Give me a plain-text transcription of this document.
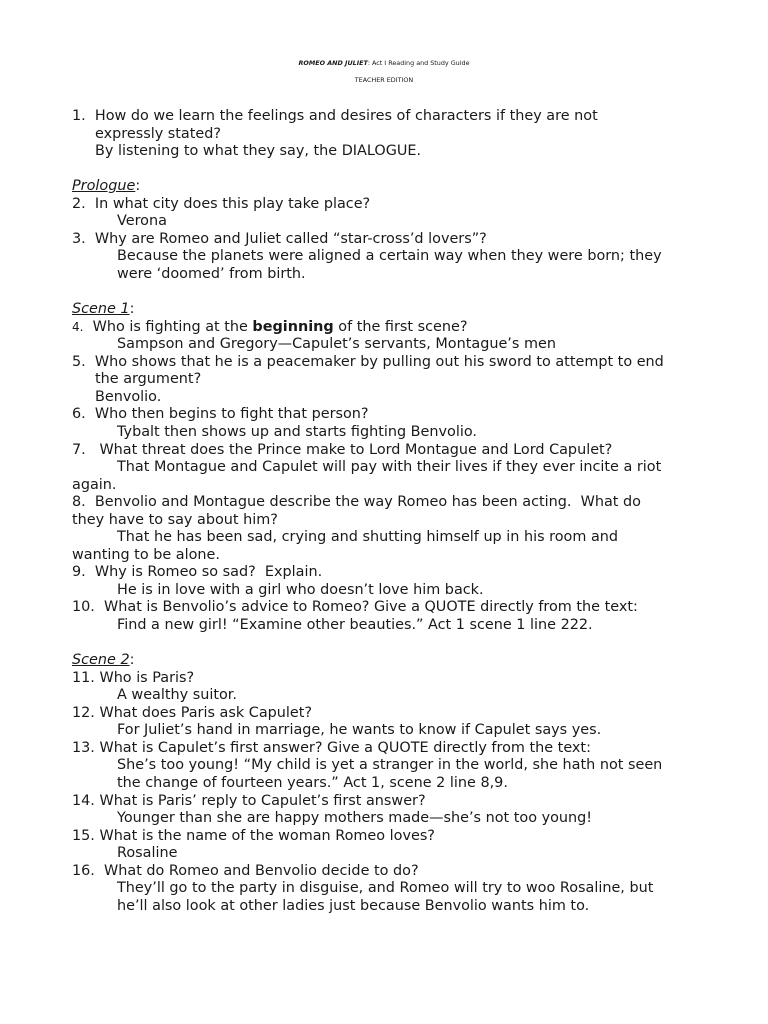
ROMEO AND JULIET: Act I Reading and Study Guide
TEACHER EDITION
1.  How do we learn the feelings and desires of characters if they are not
expressly stated?
By listening to what they say, the DIALOGUE.
Prologue:
2.  In what city does this play take place?
Verona
3.  Why are Romeo and Juliet called “star-cross’d lovers”?
Because the planets were aligned a certain way when they were born; they
were ‘doomed’ from birth.
Scene 1:
4.  Who is fighting at the beginning of the first scene?
Sampson and Gregory—Capulet’s servants, Montague’s men
5.  Who shows that he is a peacemaker by pulling out his sword to attempt to end
the argument?
Benvolio.
6.  Who then begins to fight that person?
Tybalt then shows up and starts fighting Benvolio.
7.   What threat does the Prince make to Lord Montague and Lord Capulet?
That Montague and Capulet will pay with their lives if they ever incite a riot
again.
8.  Benvolio and Montague describe the way Romeo has been acting.  What do
they have to say about him?
That he has been sad, crying and shutting himself up in his room and
wanting to be alone.
9.  Why is Romeo so sad?  Explain.
He is in love with a girl who doesn’t love him back.
10.  What is Benvolio’s advice to Romeo? Give a QUOTE directly from the text:
Find a new girl! “Examine other beauties.” Act 1 scene 1 line 222.
Scene 2:
11. Who is Paris?
A wealthy suitor.
12. What does Paris ask Capulet?
For Juliet’s hand in marriage, he wants to know if Capulet says yes.
13. What is Capulet’s first answer? Give a QUOTE directly from the text:
She’s too young! “My child is yet a stranger in the world, she hath not seen
the change of fourteen years.” Act 1, scene 2 line 8,9.
14. What is Paris’ reply to Capulet’s first answer?
Younger than she are happy mothers made—she’s not too young!
15. What is the name of the woman Romeo loves?
Rosaline
16.  What do Romeo and Benvolio decide to do?
They’ll go to the party in disguise, and Romeo will try to woo Rosaline, but
he’ll also look at other ladies just because Benvolio wants him to.
